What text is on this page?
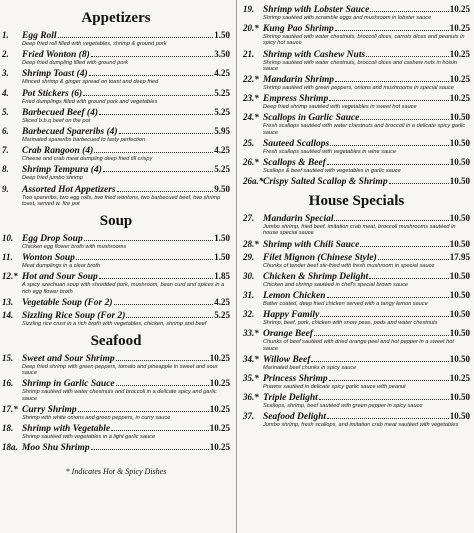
Appetizers
1.	Egg Roll	1.50
Deep fried roll filled with vegetables, shrimp & ground pork
2.	Fried Wonton (8)	3.50
Deep fried dumpling filled with ground pork
3.	Shrimp Toast (4)	4.25
Minced shrimp & ginger spread on toast and deep fried
4.	Pot Stickers (6)	5.25
Fried dumplings filled with ground pork and vegetables
5.	Barbecued Beef (4)	5.25
Sliced b.b.q beef on the pot
6.	Barbecued Spareribs (4)	5.95
Marinated spareribs barbecued to tasty perfection
7.	Crab Rangoon (4)	4.25
Cheese and crab meat dumpling deep fried till crispy
8.	Shrimp Tempura (4)	5.25
Deep fried jumbo shrimp
9.	Assorted Hot Appetizers	9.50
Two spareribs, two egg rolls, two fried wontons, two barbecued beef, two shrimp toast, served w. fire pot
Soup
10. Egg Drop Soup	1.50
Chicken egg flower broth with mushrooms
11. Wonton Soup	1.50
Meat dumplings in a clear broth
12.* Hot and Sour Soup	1.85
A spicy szechuan soup with shredded pork, mushroom, bean curd and spices in a rich egg flower broth
13. Vegetable Soup (For 2)	4.25
14. Sizzling Rice Soup (For 2)	5.25
Sizzling rice crust in a rich broth with vegetables, chicken, shrimp and beef
Seafood
15. Sweet and Sour Shrimp	10.25
Deep fried shrimp with green peppers, tomato and pineapple in sweet and sour sauce
16. Shrimp in Garlic Sauce	10.25
Shrimp sautéed with water chestnuts and broccoli in a delicate spicy and garlic sauce
17.* Curry Shrimp	10.25
Shrimp with white onions and green peppers, in curry sauce
18. Shrimp with Vegetable	10.25
Shrimp sautéed with vegetables in a light garlic sauce
18a. Moo Shu Shrimp	10.25
* Indicates Hot & Spicy Dishes
19. Shrimp with Lobster Sauce	10.25
Shrimp sautéed with scramble eggs and mushroom in lobster sauce
20.* Kung Pao Shrimp	10.25
Shrimp sautéed with water chestnuts, broccoli dices, carrots dices and peanuts in spicy hot sauce
21. Shrimp with Cashew Nuts	10.25
Shrimp sautéed with water chestnuts, broccoli dices and cashew nuts in hoisin sauce
22.* Mandarin Shrimp	10.25
Shrimp sautéed with green peppers, onions and mushrooms in special sauce
23.* Empress Shrimp	10.25
Deep fried shrimp sautéed with vegetables in sweet hot sauce
24.* Scallops in Garlic Sauce	10.50
Fresh scallops sautéed with water chestnuts and broccoli in a delicate spicy garlic sauce
25. Sauteed Scallops	10.50
Fresh scallops sautéed with vegetables in wine sauce
26.* Scallops & Beef	10.50
Scallops & beef sautéed with vegetables in garlic sauce
26a.* Crispy Salted Scallop & Shrimp	10.50
House Specials
27. Mandarin Special	10.50
Jumbo shrimp, fried beef, imitation crab meat, broccoli mushrooms sautéed in house special sauce
28.* Shrimp with Chili Sauce	10.50
29. Filet Mignon (Chinese Style)	17.95
Chunks of tender beef stir-fried with fresh mushroom in special sauce
30. Chicken & Shrimp Delight	10.50
Chicken and shrimp sautéed in chef's special brown sauce
31. Lemon Chicken	10.50
Batter coated, deep fried chicken served with a tangy lemon sauce
32. Happy Family	10.50
Shrimp, beef, pork, chicken with snow peas, pods and water chestnuts
33.* Orange Beef	10.50
Chunks of beef sautéed with dried orange peel and hot pepper in a sweet hot sauce
34.* Willow Beef	10.50
Marinated beef chunks in spicy sauce
35.* Princess Shrimp	10.25
Prawns sautéed in delicate spicy garlic sauce with peanut
36.* Triple Delight	10.50
Scallops, shrimp, beef sautéed with green pepper in spicy sauce
37. Seafood Delight	10.50
Jumbo shrimp, fresh scallops, and imitation crab meat sautéed with vegetables
